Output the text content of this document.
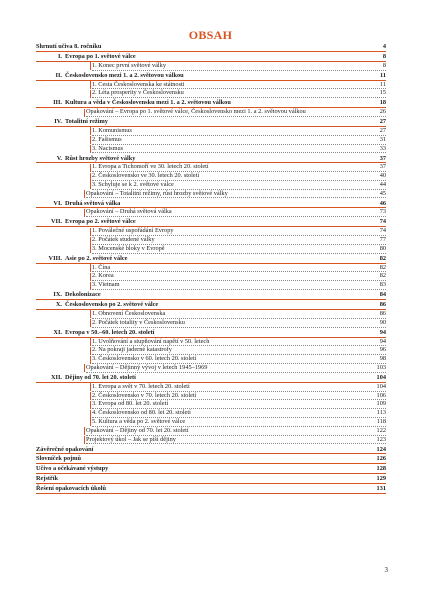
OBSAH
Shrnutí učiva 8. ročníku	4
I. Evropa po 1. světové válce	8
1. Konec první světové války	8
II. Československo mezi 1. a 2. světovou válkou	11
1. Cesta Československa ke státnosti	11
2. Léta prosperity v Československu	15
III. Kultura a věda v Československu mezi 1. a 2. světovou válkou	18
Opakování – Evropa po 1. světové válce, Československo mezi 1. a 2. světovou válkou	26
IV. Totalitní režimy	27
1. Komunismus	27
2. Fašismus	31
3. Nacismus	33
V. Růst hrozby světové války	37
1. Evropa a Tichomoří ve 30. letech 20. století	37
2. Československo ve 30. letech 20. století	40
3. Schyluje se k 2. světové válce	44
Opakování – Totalitní režimy, růst hrozby světové války	45
VI. Druhá světová válka	46
Opakování – Druhá světová válka	73
VII. Evropa po 2. světové válce	74
1. Poválečné uspořádání Evropy	74
2. Počátek studené války	77
3. Mocenské bloky v Evropě	80
VIII. Asie po 2. světové válce	82
1. Čína	82
2. Korea	82
3. Vietnam	83
IX. Dekolonizace	84
X. Československo po 2. světové válce	86
1. Obnovení Československa	86
2. Počátek totality v Československu	90
XI. Evropa v 50.–60. letech 20. století	94
1. Uvolňování a stupňování napětí v 50. letech	94
2. Na pokraji jaderné katastrofy	96
3. Československo v 60. letech 20. století	98
Opakování – Dějinný vývoj v letech 1945–1969	103
XII. Dějiny od 70. let 20. století	104
1. Evropa a svět v 70. letech 20. století	104
2. Československo v 70. letech 20. století	106
3. Evropa od 80. let 20. století	109
4. Československo od 80. let 20. století	113
5. Kultura a věda po 2. světové válce	118
Opakování – Dějiny od 70. let 20. století	122
Projektový úkol – Jak se píší dějiny	123
Závěrečné opakování	124
Slovníček pojmů	126
Učivo a očekávané výstupy	128
Rejstřík	129
Řešení opakovacích úkolů	131
3
